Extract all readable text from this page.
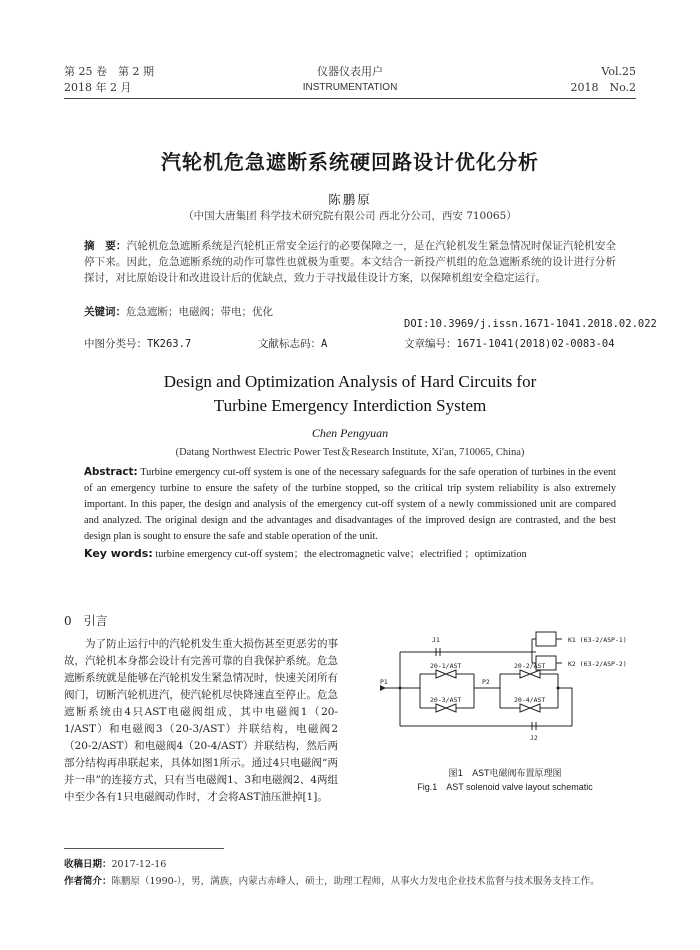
第 25 卷　第 2 期
2018 年 2 月
仪器仪表用户
INSTRUMENTATION
Vol.25
2018　No.2
汽轮机危急遮断系统硬回路设计优化分析
陈鹏原
（中国大唐集团 科学技术研究院有限公司 西北分公司，西安 710065）
摘　要：汽轮机危急遮断系统是汽轮机正常安全运行的必要保障之一，是在汽轮机发生紧急情况时保证汽轮机安全停下来。因此，危急遮断系统的动作可靠性也就极为重要。本文结合一新投产机组的危急遮断系统的设计进行分析探讨，对比原始设计和改进设计后的优缺点，致力于寻找最佳设计方案，以保障机组安全稳定运行。
关键词：危急遮断；电磁阀；带电；优化
DOI:10.3969/j.issn.1671-1041.2018.02.022
中图分类号：TK263.7	文献标志码：A	文章编号：1671-1041(2018)02-0083-04
Design and Optimization Analysis of Hard Circuits for
Turbine Emergency Interdiction System
Chen Pengyuan
(Datang Northwest Electric Power Test＆Research Institute, Xi'an, 710065, China)
Abstract: Turbine emergency cut-off system is one of the necessary safeguards for the safe operation of turbines in the event of an emergency turbine to ensure the safety of the turbine stopped, so the critical trip system reliability is also extremely important. In this paper, the design and analysis of the emergency cut-off system of a newly commissioned unit are compared and analyzed. The original design and the advantages and disadvantages of the improved design are contrasted, and the best design plan is sought to ensure the safe and stable operation of the unit.
Key words: turbine emergency cut-off system；the electromagnetic valve；electrified ；optimization
0　引言
为了防止运行中的汽轮机发生重大损伤甚至更恶劣的事故，汽轮机本身都会设计有完善可靠的自我保护系统。危急遮断系统就是能够在汽轮机发生紧急情况时，快速关闭所有阀门，切断汽轮机进汽，使汽轮机尽快降速直至停止。危急遮断系统由4只AST电磁阀组成，其中电磁阀1（20-1/AST）和电磁阀3（20-3/AST）并联结构，电磁阀2（20-2/AST）和电磁阀4（20-4/AST）并联结构，然后两部分结构再串联起来，具体如图1所示。通过4只电磁阀“两并一串”的连接方式，只有当电磁阀1、3和电磁阀2、4两组中至少各有1只电磁阀动作时，才会将AST油压泄掉[1]。
J1
J2
P1	P2
K1 (63-2/ASP-1)
K2 (63-2/ASP-2)
20-1/AST	20-2/AST
20-3/AST	20-4/AST
图1　AST电磁阀布置原理图
Fig.1　AST solenoid valve layout schematic
收稿日期：2017-12-16
作者简介：陈鹏原（1990-），男，满族，内蒙古赤峰人，硕士，助理工程师，从事火力发电企业技术监督与技术服务支持工作。
